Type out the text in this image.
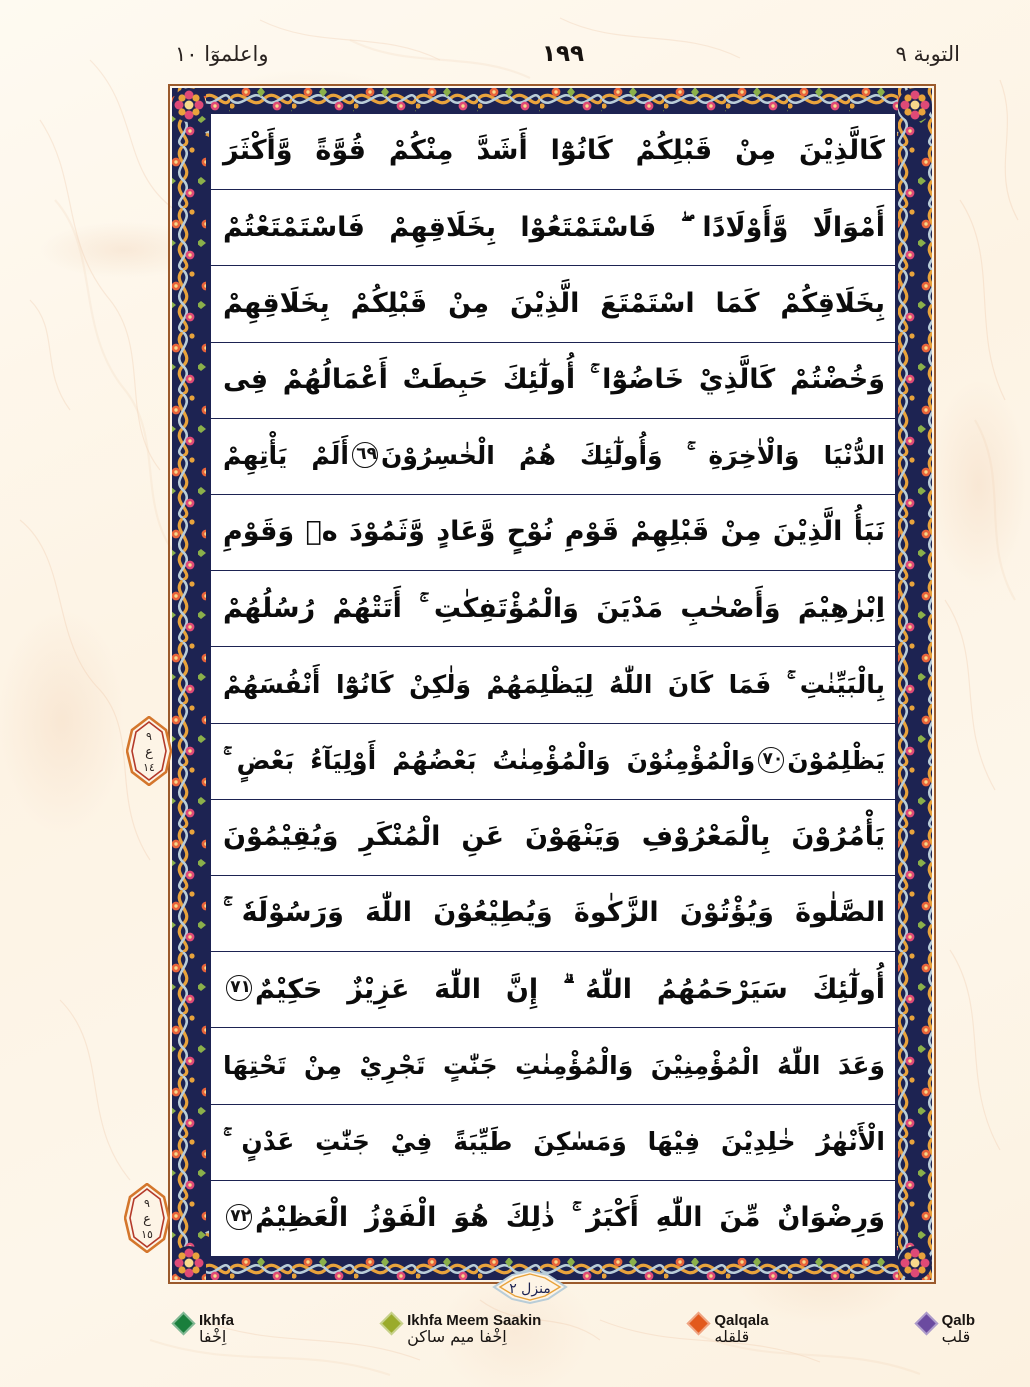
التوبة ٩
١٩٩
واعلموٓا ١٠
كَالَّذِيْنَ مِنْ قَبْلِكُمْ كَانُوْٓا أَشَدَّ مِنْكُمْ قُوَّةً وَّأَكْثَرَ
أَمْوَالًا وَّأَوْلَادًا ۖ فَاسْتَمْتَعُوْا بِخَلَاقِهِمْ فَاسْتَمْتَعْتُمْ
بِخَلَاقِكُمْ كَمَا اسْتَمْتَعَ الَّذِيْنَ مِنْ قَبْلِكُمْ بِخَلَاقِهِمْ
وَخُضْتُمْ كَالَّذِيْ خَاضُوْٓا ۚ أُولٰٓئِكَ حَبِطَتْ أَعْمَالُهُمْ فِى
الدُّنْيَا وَالْاٰخِرَةِ ۚ وَأُولٰٓئِكَ هُمُ الْخٰسِرُوْنَ٦٩أَلَمْ يَأْتِهِمْ
نَبَأُ الَّذِيْنَ مِنْ قَبْلِهِمْ قَوْمِ نُوْحٍ وَّعَادٍ وَّثَمُوْدَ ەۙ وَقَوْمِ
اِبْرٰهِيْمَ وَأَصْحٰبِ مَدْيَنَ وَالْمُؤْتَفِكٰتِ ۚ أَتَتْهُمْ رُسُلُهُمْ
بِالْبَيِّنٰتِ ۚ فَمَا كَانَ اللّٰهُ لِيَظْلِمَهُمْ وَلٰكِنْ كَانُوْٓا أَنْفُسَهُمْ
يَظْلِمُوْنَ٧٠وَالْمُؤْمِنُوْنَ وَالْمُؤْمِنٰتُ بَعْضُهُمْ أَوْلِيَآءُ بَعْضٍ ۚ
يَأْمُرُوْنَ بِالْمَعْرُوْفِ وَيَنْهَوْنَ عَنِ الْمُنْكَرِ وَيُقِيْمُوْنَ
الصَّلٰوةَ وَيُؤْتُوْنَ الزَّكٰوةَ وَيُطِيْعُوْنَ اللّٰهَ وَرَسُوْلَهٗ ۚ
أُولٰٓئِكَ سَيَرْحَمُهُمُ اللّٰهُ ۗ إِنَّ اللّٰهَ عَزِيْزٌ حَكِيْمٌ٧١
وَعَدَ اللّٰهُ الْمُؤْمِنِيْنَ وَالْمُؤْمِنٰتِ جَنّٰتٍ تَجْرِيْ مِنْ تَحْتِهَا
الْأَنْهٰرُ خٰلِدِيْنَ فِيْهَا وَمَسٰكِنَ طَيِّبَةً فِيْ جَنّٰتِ عَدْنٍ ۚ
وَرِضْوَانٌ مِّنَ اللّٰهِ أَكْبَرُ ۚ ذٰلِكَ هُوَ الْفَوْزُ الْعَظِيْمُ٧٢
٩
ع
١٤
٩
ع
١٥
منزل ٢
Ikhfa
اِخْفا
Ikhfa Meem Saakin
اِخْفا ميم ساكن
Qalqala
قلقله
Qalb
قلب
